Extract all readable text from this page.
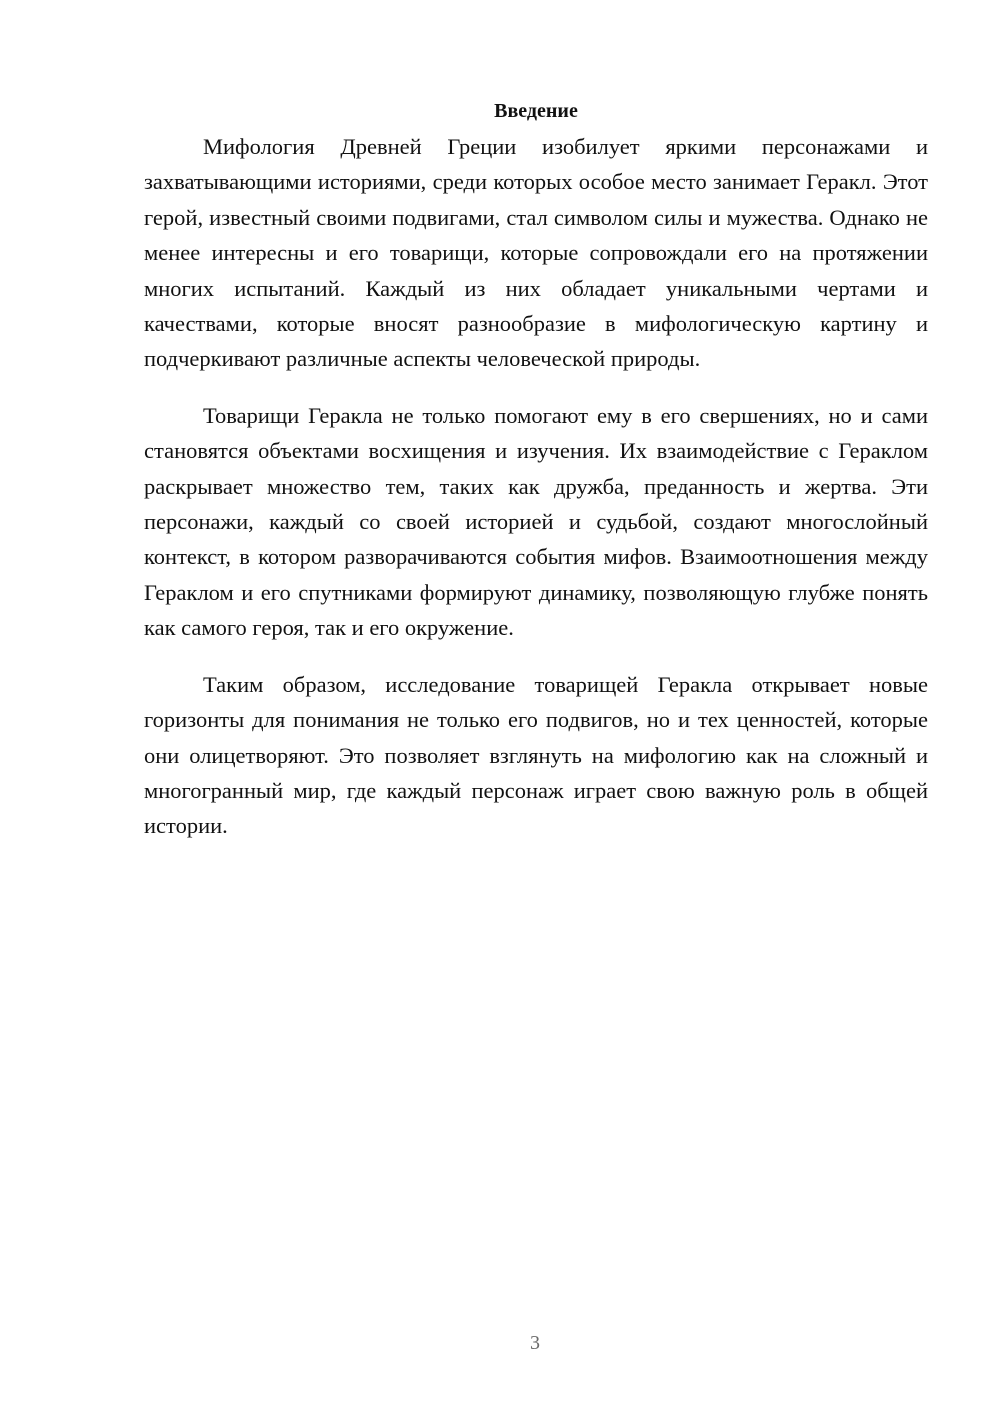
Введение

Мифология Древней Греции изобилует яркими персонажами и захватывающими историями, среди которых особое место занимает Геракл. Этот герой, известный своими подвигами, стал символом силы и мужества. Однако не менее интересны и его товарищи, которые сопровождали его на протяжении многих испытаний. Каждый из них обладает уникальными чертами и качествами, которые вносят разнообразие в мифологическую картину и подчеркивают различные аспекты человеческой природы.

Товарищи Геракла не только помогают ему в его свершениях, но и сами становятся объектами восхищения и изучения. Их взаимодействие с Гераклом раскрывает множество тем, таких как дружба, преданность и жертва. Эти персонажи, каждый со своей историей и судьбой, создают многослойный контекст, в котором разворачиваются события мифов. Взаимоотношения между Гераклом и его спутниками формируют динамику, позволяющую глубже понять как самого героя, так и его окружение.

Таким образом, исследование товарищей Геракла открывает новые горизонты для понимания не только его подвигов, но и тех ценностей, которые они олицетворяют. Это позволяет взглянуть на мифологию как на сложный и многогранный мир, где каждый персонаж играет свою важную роль в общей истории.

3
